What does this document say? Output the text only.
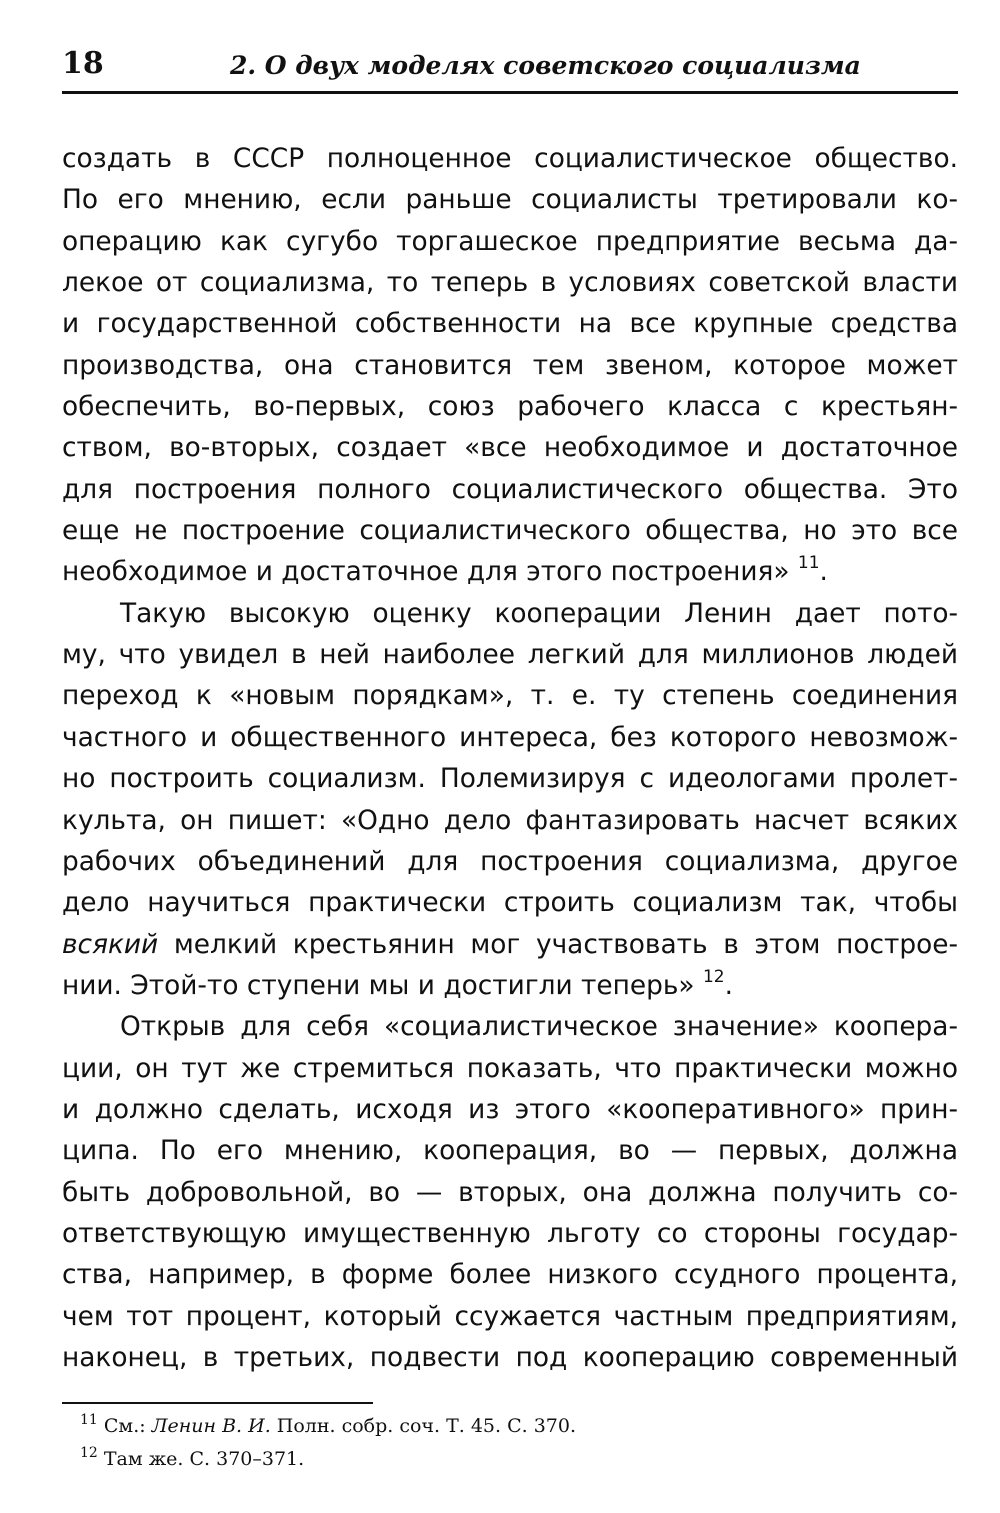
18	2. О двух моделях советского социализма
создать в СССР полноценное социалистическое общество.
По его мнению, если раньше социалисты третировали ко-
операцию как сугубо торгашеское предприятие весьма да-
лекое от социализма, то теперь в условиях советской власти
и государственной собственности на все крупные средства
производства, она становится тем звеном, которое может
обеспечить, во-первых, союз рабочего класса с крестьян-
ством, во-вторых, создает «все необходимое и достаточное
для построения полного социалистического общества. Это
еще не построение социалистического общества, но это все
необходимое и достаточное для этого построения» $^{11}$.
Такую высокую оценку кооперации Ленин дает пото-
му, что увидел в ней наиболее легкий для миллионов людей
переход к «новым порядкам», т. е. ту степень соединения
частного и общественного интереса, без которого невозмож-
но построить социализм. Полемизируя с идеологами пролет-
культа, он пишет: «Одно дело фантазировать насчет всяких
рабочих объединений для построения социализма, другое
дело научиться практически строить социализм так, чтобы
всякий мелкий крестьянин мог участвовать в этом построе-
нии. Этой-то ступени мы и достигли теперь» $^{12}$.
Открыв для себя «социалистическое значение» коопера-
ции, он тут же стремиться показать, что практически можно
и должно сделать, исходя из этого «кооперативного» прин-
ципа. По его мнению, кооперация, во — первых, должна
быть добровольной, во — вторых, она должна получить со-
ответствующую имущественную льготу со стороны государ-
ства, например, в форме более низкого ссудного процента,
чем тот процент, который ссужается частным предприятиям,
наконец, в третьих, подвести под кооперацию современный
$^{11}$ См.: Ленин В. И. Полн. собр. соч. Т. 45. С. 370.
$^{12}$ Там же. С. 370–371.
